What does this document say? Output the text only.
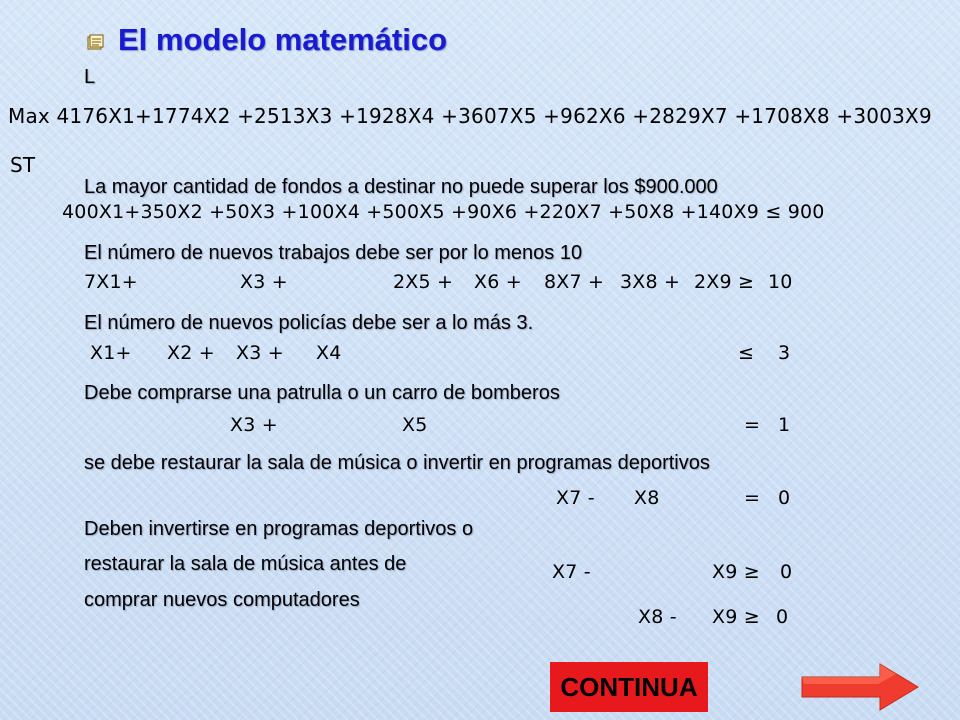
El modelo matemático
L
Max 4176X1+1774X2 +2513X3 +1928X4 +3607X5 +962X6 +2829X7 +1708X8 +3003X9
ST
La mayor cantidad de fondos a destinar no puede superar los $900.000
400X1+350X2 +50X3 +100X4 +500X5 +90X6 +220X7 +50X8 +140X9 ≤ 900
El número de nuevos trabajos debe ser por lo menos 10
7X1+	X3 +	2X5 + X6 + 8X7 + 3X8 + 2X9 ≥ 10
El número de nuevos policías debe ser a lo más 3.
X1+ X2 + X3 + X4	≤ 3
Debe comprarse una patrulla o un carro de bomberos
X3 +	X5	= 1
se debe restaurar la sala de música o invertir en programas deportivos
X7 - X8	= 0
Deben invertirse en programas deportivos o
restaurar la sala de música antes de
comprar nuevos computadores
X7 -	X9 ≥ 0
X8 - X9 ≥ 0
CONTINUA
